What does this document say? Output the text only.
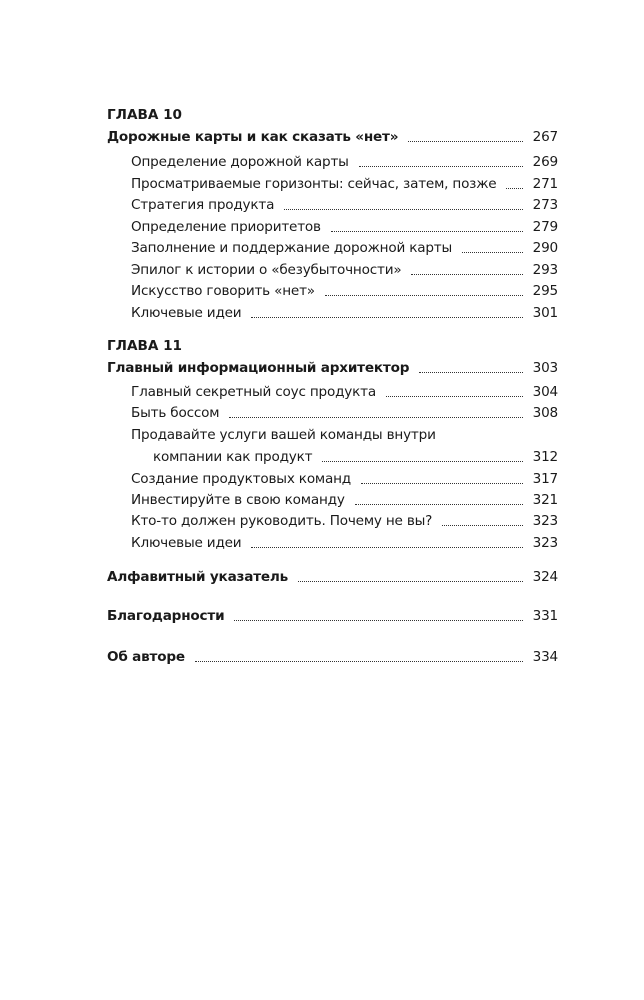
ГЛАВА 10
Дорожные карты и как сказать «нет»	267
Определение дорожной карты	269
Просматриваемые горизонты: сейчас, затем, позже	271
Стратегия продукта	273
Определение приоритетов	279
Заполнение и поддержание дорожной карты	290
Эпилог к истории о «безубыточности»	293
Искусство говорить «нет»	295
Ключевые идеи	301
ГЛАВА 11
Главный информационный архитектор	303
Главный секретный соус продукта	304
Быть боссом	308
Продавайте услуги вашей команды внутри
компании как продукт	312
Создание продуктовых команд	317
Инвестируйте в свою команду	321
Кто-то должен руководить. Почему не вы?	323
Ключевые идеи	323
Алфавитный указатель	324
Благодарности	331
Об авторе	334
